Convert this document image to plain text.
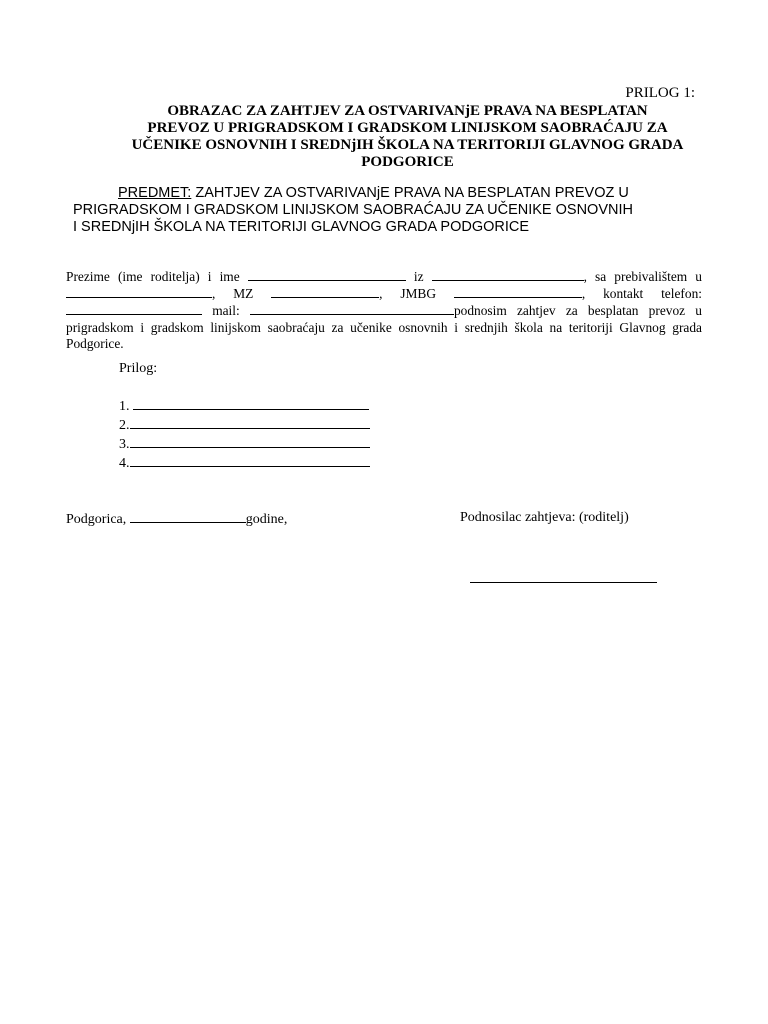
PRILOG 1:
OBRAZAC ZA ZAHTJEV ZA OSTVARIVANjE PRAVA NA BESPLATAN
PREVOZ U PRIGRADSKOM I GRADSKOM LINIJSKOM SAOBRAĆAJU ZA
UČENIKE OSNOVNIH I SREDNjIH ŠKOLA NA TERITORIJI GLAVNOG GRADA
PODGORICE
PREDMET: ZAHTJEV ZA OSTVARIVANjE PRAVA NA BESPLATAN PREVOZ U
PRIGRADSKOM I GRADSKOM LINIJSKOM SAOBRAĆAJU ZA UČENIKE OSNOVNIH
I SREDNjIH ŠKOLA NA TERITORIJI GLAVNOG GRADA PODGORICE
Prezime (ime roditelja) i ime	iz	, sa prebivalištem u
, MZ	, JMBG	, kontakt telefon:
mail:	podnosim zahtjev za besplatan prevoz u
prigradskom i gradskom linijskom saobraćaju za učenike osnovnih i srednjih škola na teritoriji Glavnog grada
Podgorice.
Prilog:
1.
2.
3.
4.
Podgorica,	godine,	Podnosilac zahtjeva: (roditelj)
